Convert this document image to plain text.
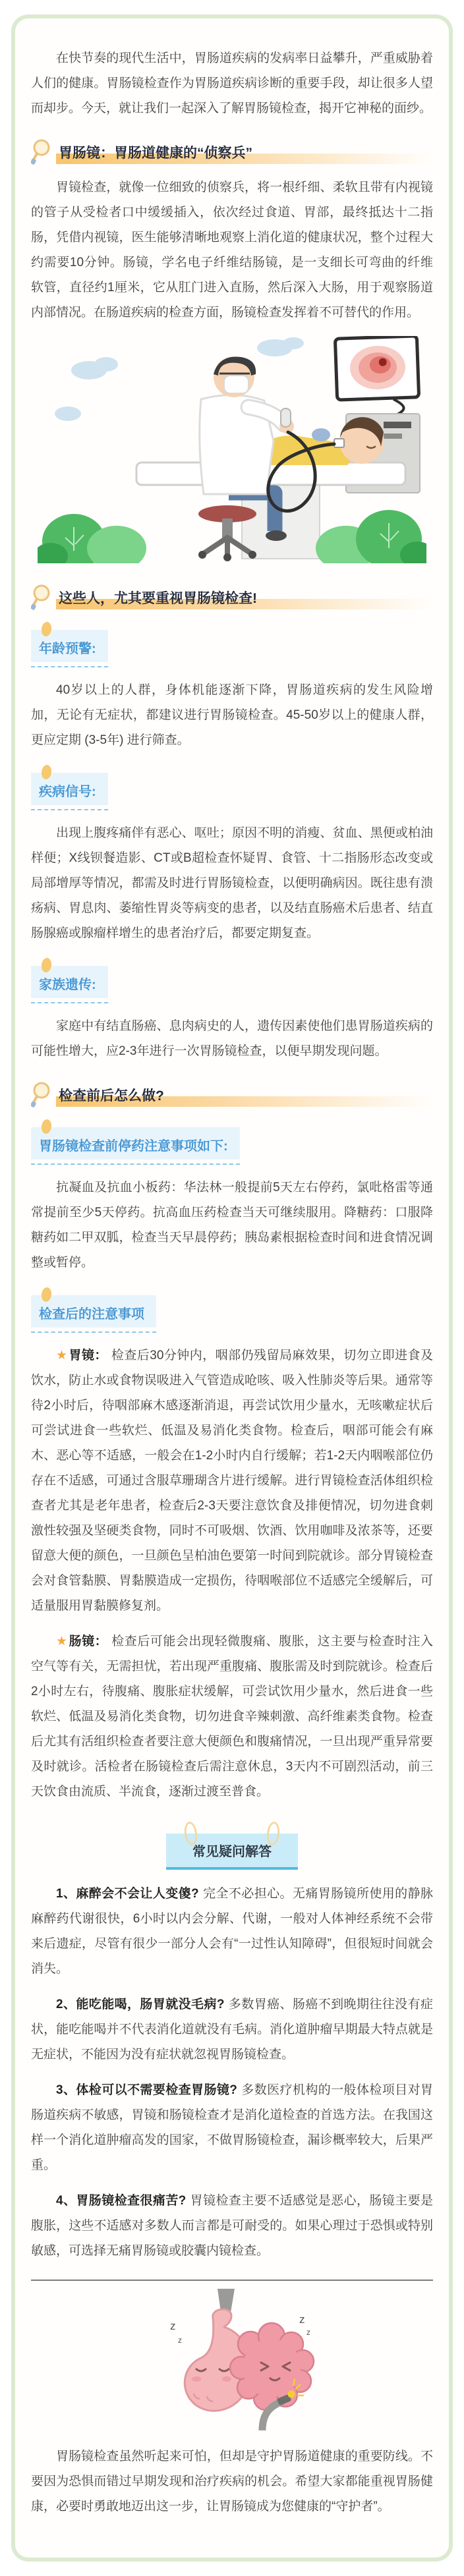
在快节奏的现代生活中，胃肠道疾病的发病率日益攀升，严重威胁着人们的健康。胃肠镜检查作为胃肠道疾病诊断的重要手段，却让很多人望而却步。今天，就让我们一起深入了解胃肠镜检查，揭开它神秘的面纱。

胃肠镜：胃肠道健康的“侦察兵”

胃镜检查，就像一位细致的侦察兵，将一根纤细、柔软且带有内视镜的管子从受检者口中缓缓插入，依次经过食道、胃部，最终抵达十二指肠，凭借内视镜，医生能够清晰地观察上消化道的健康状况，整个过程大约需要10分钟。肠镜，学名电子纤维结肠镜，是一支细长可弯曲的纤维软管，直径约1厘米，它从肛门进入直肠，然后深入大肠，用于观察肠道内部情况。在肠道疾病的检查方面，肠镜检查发挥着不可替代的作用。

这些人，尤其要重视胃肠镜检查!
年龄预警:

40岁以上的人群，身体机能逐渐下降，胃肠道疾病的发生风险增加，无论有无症状，都建议进行胃肠镜检查。45-50岁以上的健康人群，更应定期 (3-5年) 进行筛查。

疾病信号:

出现上腹疼痛伴有恶心、呕吐；原因不明的消瘦、贫血、黑便或柏油样便；X线钡餐造影、CT或B超检查怀疑胃、食管、十二指肠形态改变或局部增厚等情况，都需及时进行胃肠镜检查，以便明确病因。既往患有溃疡病、胃息肉、萎缩性胃炎等病变的患者，以及结直肠癌术后患者、结直肠腺癌或腺瘤样增生的患者治疗后，都要定期复查。

家族遗传:

家庭中有结直肠癌、息肉病史的人，遗传因素使他们患胃肠道疾病的可能性增大，应2-3年进行一次胃肠镜检查，以便早期发现问题。

检查前后怎么做?
胃肠镜检查前停药注意事项如下:

抗凝血及抗血小板药：华法林一般提前5天左右停药，氯吡格雷等通常提前至少5天停药。抗高血压药检查当天可继续服用。降糖药：口服降糖药如二甲双胍，检查当天早晨停药；胰岛素根据检查时间和进食情况调整或暂停。

检查后的注意事项

★ 胃镜： 检查后30分钟内，咽部仍残留局麻效果，切勿立即进食及饮水，防止水或食物误吸进入气管造成呛咳、吸入性肺炎等后果。通常等待2小时后，待咽部麻木感逐渐消退，再尝试饮用少量水，无咳嗽症状后可尝试进食一些软烂、低温及易消化类食物。检查后，咽部可能会有麻木、恶心等不适感，一般会在1-2小时内自行缓解；若1-2天内咽喉部位仍存在不适感，可通过含服草珊瑚含片进行缓解。进行胃镜检查活体组织检查者尤其是老年患者，检查后2-3天要注意饮食及排便情况，切勿进食刺激性较强及坚硬类食物，同时不可吸烟、饮酒、饮用咖啡及浓茶等，还要留意大便的颜色，一旦颜色呈柏油色要第一时间到院就诊。部分胃镜检查会对食管黏膜、胃黏膜造成一定损伤，待咽喉部位不适感完全缓解后，可适量服用胃黏膜修复剂。

★ 肠镜： 检查后可能会出现轻微腹痛、腹胀，这主要与检查时注入空气等有关，无需担忧，若出现严重腹痛、腹胀需及时到院就诊。检查后2小时左右，待腹痛、腹胀症状缓解，可尝试饮用少量水，然后进食一些软烂、低温及易消化类食物，切勿进食辛辣刺激、高纤维素类食物。检查后尤其有活组织检查者要注意大便颜色和腹痛情况，一旦出现严重异常要及时就诊。活检者在肠镜检查后需注意休息，3天内不可剧烈活动，前三天饮食由流质、半流食，逐渐过渡至普食。

常见疑问解答

1、麻醉会不会让人变傻? 完全不必担心。无痛胃肠镜所使用的静脉麻醉药代谢很快，6小时以内会分解、代谢，一般对人体神经系统不会带来后遗症，尽管有很少一部分人会有“一过性认知障碍”，但很短时间就会消失。

2、能吃能喝，肠胃就没毛病? 多数胃癌、肠癌不到晚期往往没有症状，能吃能喝并不代表消化道就没有毛病。消化道肿瘤早期最大特点就是无症状，不能因为没有症状就忽视胃肠镜检查。

3、体检可以不需要检查胃肠镜? 多数医疗机构的一般体检项目对胃肠道疾病不敏感，胃镜和肠镜检查才是消化道检查的首选方法。在我国这样一个消化道肿瘤高发的国家，不做胃肠镜检查，漏诊概率较大，后果严重。

4、胃肠镜检查很痛苦? 胃镜检查主要不适感觉是恶心，肠镜主要是腹胀，这些不适感对多数人而言都是可耐受的。如果心理过于恐惧或特别敏感，可选择无痛胃肠镜或胶囊内镜检查。

z
z
z
z

胃肠镜检查虽然听起来可怕，但却是守护胃肠道健康的重要防线。不要因为恐惧而错过早期发现和治疗疾病的机会。希望大家都能重视胃肠健康，必要时勇敢地迈出这一步，让胃肠镜成为您健康的“守护者”。
